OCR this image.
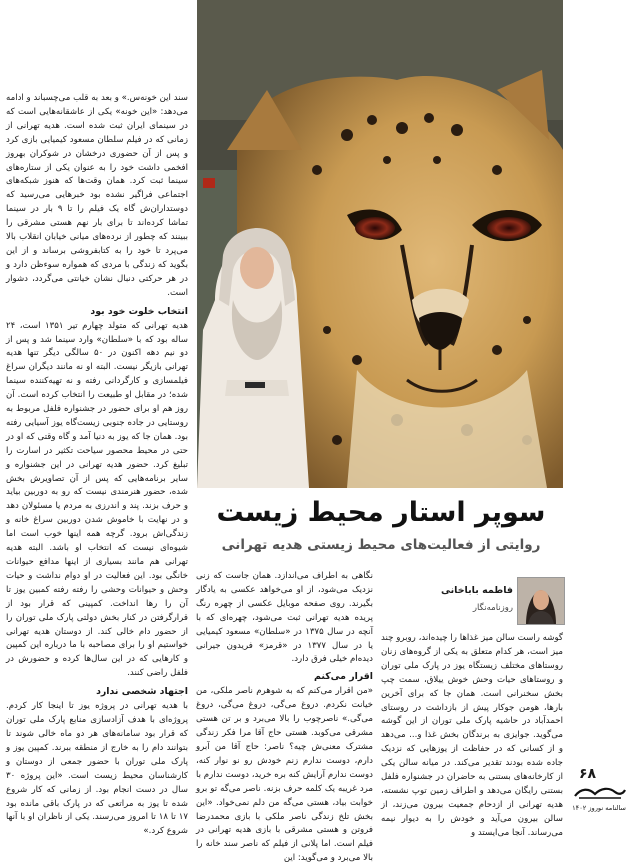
سند این خونه‌س.» و بعد به قلب می‌چسباند و ادامه می‌دهد: «این خونه» یکی از عاشقانه‌هایی است که در سینمای ایران ثبت شده است. هدیه تهرانی از زمانی که در فیلم سلطان مسعود کیمیایی بازی کرد و پس از آن حضوری درخشان در شوکران بهروز افخمی داشت خود را به عنوان یکی از ستاره‌های سینما ثبت کرد. همان وقت‌ها که هنوز شبکه‌های اجتماعی فراگیر نشده بود خبرهایی می‌رسید که دوستداران‌ش گاه یک فیلم را تا ۹ بار در سینما تماشا کرده‌اند تا برای بار نهم هستی مشرقی را ببینند که چطور از نرده‌های میانی خیابان انقلاب بالا می‌پرد تا خود را به کتابفروشی برساند و از این بگوید که زندگی با مردی که همواره سوءظن دارد و در هر حرکتی دنبال نشان خیانتی می‌گردد، دشوار است.

انتخاب خلوت خود بود

هدیه تهرانی که متولد چهارم تیر ۱۳۵۱ است، ۲۴ ساله بود که با «سلطان» وارد سینما شد و پس از دو نیم دهه اکنون در ۵۰ سالگی دیگر تنها هدیه تهرانی بازیگر نیست. البته او نه مانند دیگران سراغ فیلمسازی و کارگردانی رفته و نه تهیه‌کننده سینما شده؛ در مقابل او طبیعت را انتخاب کرده است. آن روز هم او برای حضور در جشنواره فلفل مربوط به روستایی در جاده جنوبی زیست‌گاه یوز آسیایی رفته بود. همان جا که یوز به دنیا آمد و گاه وقتی که او در حتی در محیط محصور سیاحت تکثیر در اسارت را تبلیغ کرد. حضور هدیه تهرانی در این جشنواره و سایر برنامه‌هایی که پس از آن تصاویرش بخش شده، حضور هنرمندی نیست که رو به دوربین بیاید و حرف بزند. پند و اندرزی به مردم یا مسئولان دهد و در نهایت با خاموش شدن دوربین سراغ خانه و زندگی‌اش برود. گرچه همه اینها خوب است اما شیوه‌ای نیست که انتخاب او باشد. البته هدیه تهرانی هم مانند بسیاری از اینها مدافع حیوانات خانگی بود. این فعالیت در او دوام نداشت و حیات وحش و حیوانات وحشی را رفته رفته کمبین یوز تا آن را رها انداخت. کمپینی که قرار بود از قرارگرفتن در کنار بخش دولتی پارک ملی توران را از حضور دام خالی کند. از دوستان هدیه تهرانی خواستیم او را برای مصاحبه با ما درباره این کمپین و کارهایی که در این سال‌ها کرده و حضورش در فلفل راضی کنند.

اجتهاد شخصی ندارد

با هدیه تهرانی در پروژه یوز تا اینجا کار کردم. پروژه‌ای با هدف آزادسازی منابع پارک ملی توران که قرار بود سامانه‌های هر دو ماه خالی شوند تا بتوانند دام را به خارج از منطقه ببرند. کمپین یوز و پارک ملی توران با حضور جمعی از دوستان و کارشناسان محیط زیست است. «این پروژه ۳۰ سال در دست انجام بود. از زمانی که کار شروع شده تا یوز به مراتعی که در پارک باقی مانده بود ۱۷ تا ۱۸ تا امروز می‌رسند. یکی از ناظران او با آنها شروع کرد.»

سوپر استار محیط زیست
روایتی از فعالیت‌های محیط زیستی هدیه تهرانی

نگاهی به اطراف می‌اندازد. همان جاست که زنی نزدیک می‌شود، از او می‌خواهد عکسی به یادگار بگیرند. روی صفحه موبایل عکسی از چهره رنگ پریده هدیه تهرانی ثبت می‌شود، چهره‌ای که با آنچه در سال ۱۳۷۵ در «سلطان» مسعود کیمیایی یا در سال ۱۳۷۷ در «قرمز» فریدون جیرانی دیده‌ام خیلی فرق دارد.

اقرار می‌کنم

«من اقرار می‌کنم که به شوهرم ناصر ملکی، من خیانت نکردم. دروغ می‌گی، دروغ می‌گی، دروغ می‌گی.» ناصرچوب را بالا می‌برد و بر تن هستی مشرقی می‌کوبد. هستی حاج آقا مرا فکر زندگی مشترک معنی‌ش چیه؟ ناصر: حاج آقا من آبرو دارم، دوست ندارم زنم خودش رو نو نوار کنه، دوست ندارم آرایش کنه بره خرید، دوست ندارم با مرد غریبه یک کلمه حرف بزنه. ناصر می‌گه تو برو خوابت بیاد، هستی می‌گه من دلم نمی‌خواد. «این بخش تلخ زندگی ناصر ملکی با بازی محمدرضا فروتن و هستی مشرقی با بازی هدیه تهرانی در فیلم است. اما پلانی از فیلم که ناصر سند خانه را بالا می‌برد و می‌گوید: این

فاطمه باباخانی
روزنامه‌نگار

گوشه راست سالن میز غذاها را چیده‌اند، روبرو چند میز است، هر کدام متعلق به یکی از گروه‌های زنان روستاهای مختلف زیستگاه یوز در پارک ملی توران و روستاهای حیات وحش خوش ییلاق، سمت چپ بخش سخنرانی است. همان جا که برای آخرین بارها، هومن جوکار پیش از بازداشت در روستای احمدآباد در حاشیه پارک ملی توران از این گوشه می‌گوید. جوایزی به برندگان بخش غذا و... می‌دهد و از کسانی که در حفاظت از یوزهایی که نزدیک جاده شده بودند تقدیر می‌کند. در میانه سالن یکی از کارخانه‌های بستنی به حاضران در جشنواره فلفل بستنی رایگان می‌دهد و اطراف زمین توپ نشسته، هدیه تهرانی از ازدحام جمعیت بیرون می‌زند، از سالن بیرون می‌آید و خودش را به دیوار نیمه می‌رساند. آنجا می‌ایستد و

۶۸
سالنامه نوروز ۱۴۰۲
